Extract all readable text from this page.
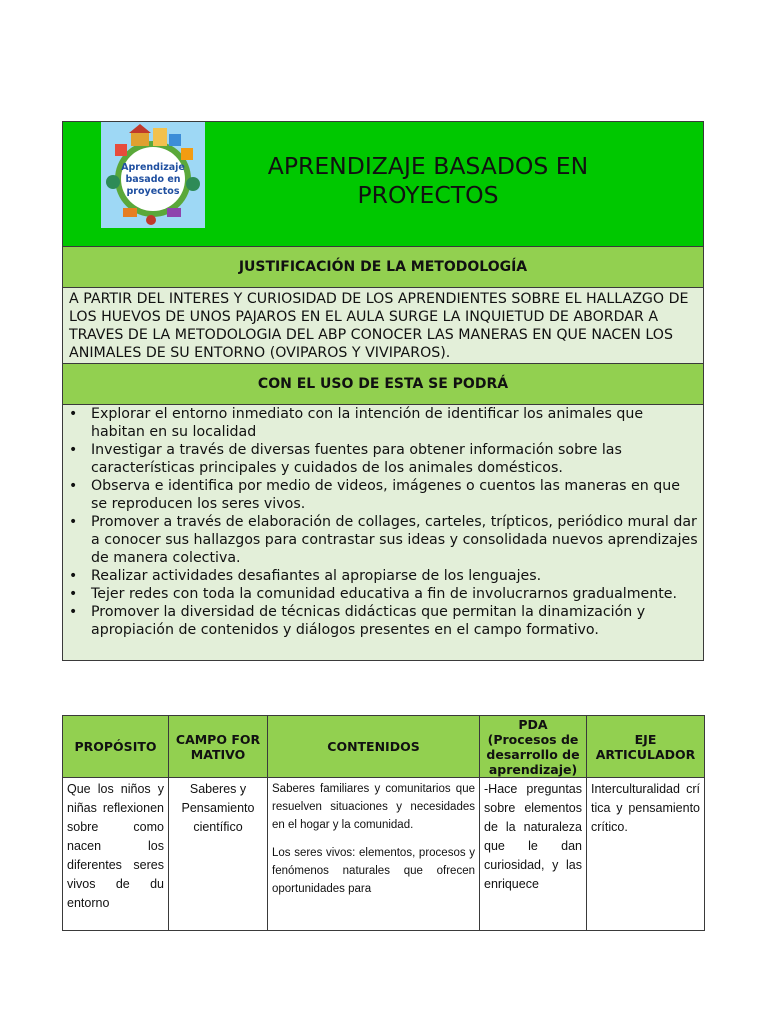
Aprendizaje
basado en
proyectos
APRENDIZAJE BASADOS EN
PROYECTOS
JUSTIFICACIÓN DE LA METODOLOGÍA
A PARTIR DEL INTERES Y CURIOSIDAD DE LOS APRENDIENTES SOBRE EL HALLAZGO DE LOS HUEVOS DE UNOS PAJAROS EN EL AULA SURGE LA INQUIETUD DE ABORDAR A TRAVES DE LA METODOLOGIA DEL ABP CONOCER LAS MANERAS EN QUE NACEN LOS ANIMALES DE SU ENTORNO (OVIPAROS Y VIVIPAROS).
CON EL USO DE ESTA SE PODRÁ
• Explorar el entorno inmediato con la intención de identificar los animales que habitan en su localidad
• Investigar a través de diversas fuentes para obtener información sobre las características principales y cuidados de los animales domésticos.
• Observa e identifica por medio de videos, imágenes o cuentos las maneras en que se reproducen los seres vivos.
• Promover a través de elaboración de collages, carteles, trípticos, periódico mural dar a conocer sus hallazgos para contrastar sus ideas y consolidada nuevos aprendizajes de manera colectiva.
• Realizar actividades desafiantes al apropiarse de los lenguajes.
• Tejer redes con toda la comunidad educativa a fin de involucrarnos gradualmente.
• Promover la diversidad de técnicas didácticas que permitan la dinamización y apropiación de contenidos y diálogos presentes en el campo formativo.
PROPÓSITO	CAMPO FORMATIVO	CONTENIDOS	PDA (Procesos de desarrollo de aprendizaje)	EJE ARTICULADOR

Que los niños y niñas reflexionen sobre como nacen los diferentes seres vivos de du entorno	Saberes y Pensamiento científico	Saberes familiares y comunitarios que resuelven situaciones y necesidades en el hogar y la comunidad.

Los seres vivos: elementos, procesos y fenómenos naturales que ofrecen oportunidades para	-Hace preguntas sobre elementos de la naturaleza que le dan curiosidad, y las enriquece	Interculturalidad crítica y pensamiento crítico.
